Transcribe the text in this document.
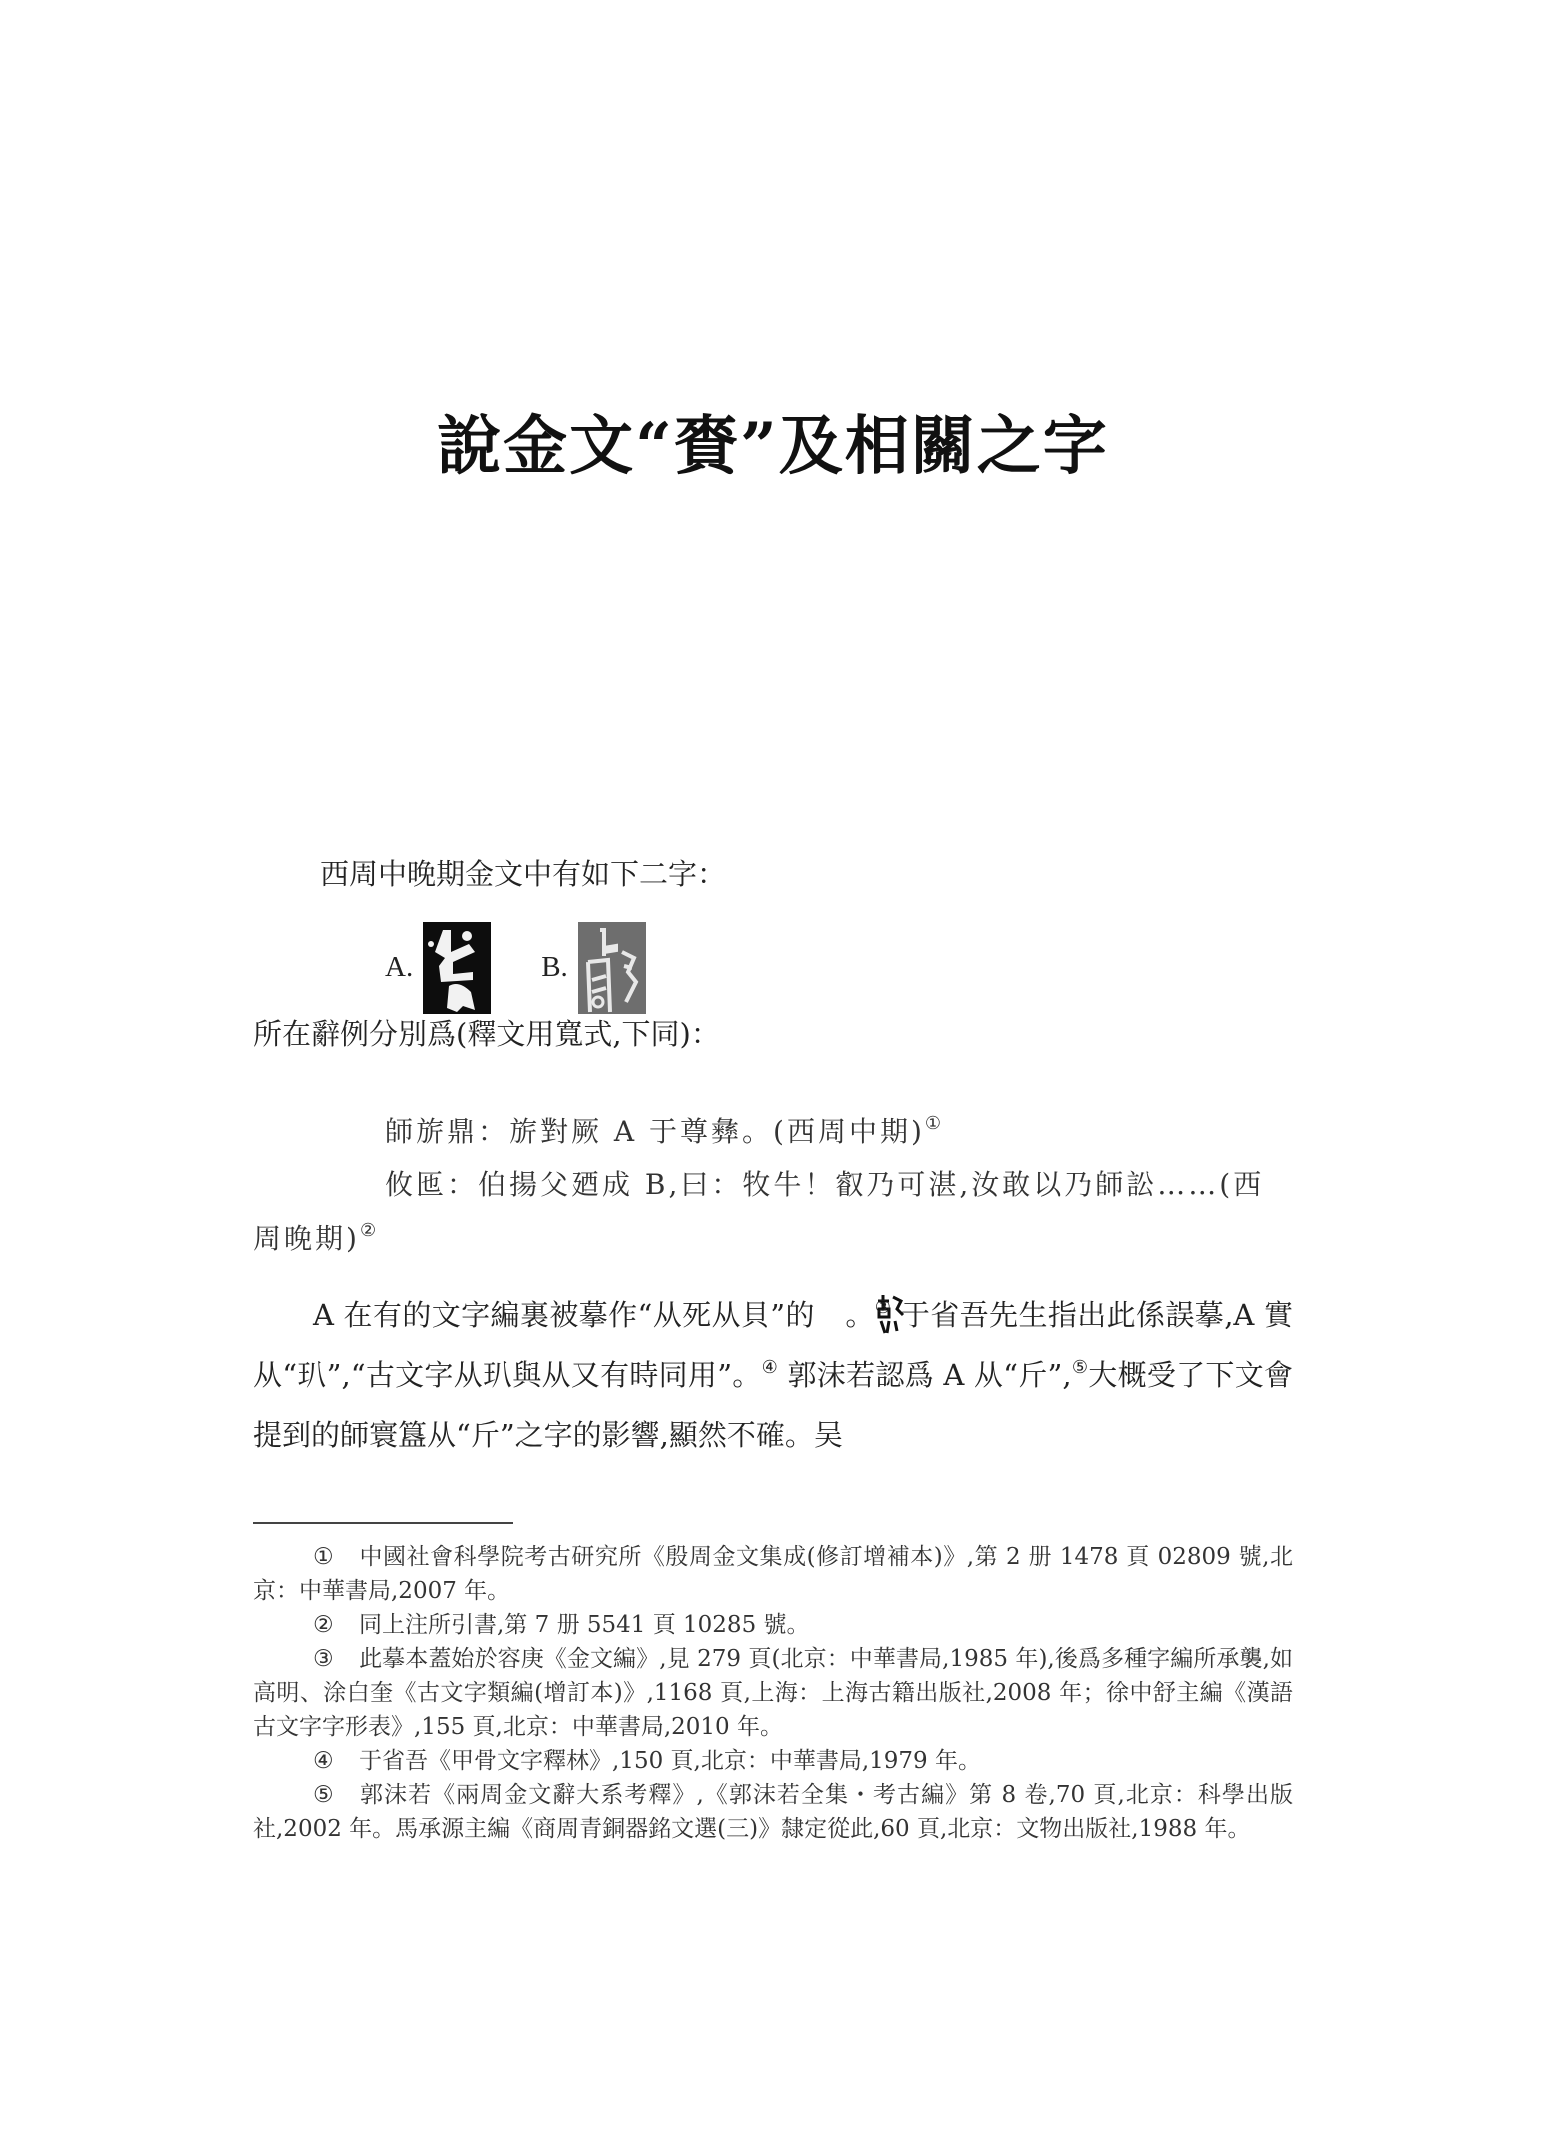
說金文“賚”及相關之字
西周中晚期金文中有如下二字：
A.	B.
所在辭例分別爲(釋文用寬式,下同)：
師旂鼎：旂對厥 A 于尊彝。(西周中期)①
攸匜：伯揚父廼成 B,曰：牧牛！叡乃可湛,汝敢以乃師訟……(西周晚期)②
A 在有的文字編裏被摹作“从死从貝”的 。③ 于省吾先生指出此係誤摹,A 實从“玐”,“古文字从玐與从又有時同用”。④ 郭沫若認爲 A 从“斤”,⑤大概受了下文會提到的師寰簋从“斤”之字的影響,顯然不確。吴

① 中國社會科學院考古研究所《殷周金文集成(修訂增補本)》,第 2 册 1478 頁 02809 號,北京：中華書局,2007 年。

② 同上注所引書,第 7 册 5541 頁 10285 號。

③ 此摹本蓋始於容庚《金文編》,見 279 頁(北京：中華書局,1985 年),後爲多種字編所承襲,如高明、涂白奎《古文字類編(增訂本)》,1168 頁,上海：上海古籍出版社,2008 年；徐中舒主編《漢語古文字字形表》,155 頁,北京：中華書局,2010 年。

④ 于省吾《甲骨文字釋林》,150 頁,北京：中華書局,1979 年。

⑤ 郭沫若《兩周金文辭大系考釋》,《郭沫若全集・考古編》第 8 卷,70 頁,北京：科學出版社,2002 年。馬承源主編《商周青銅器銘文選(三)》隸定從此,60 頁,北京：文物出版社,1988 年。
